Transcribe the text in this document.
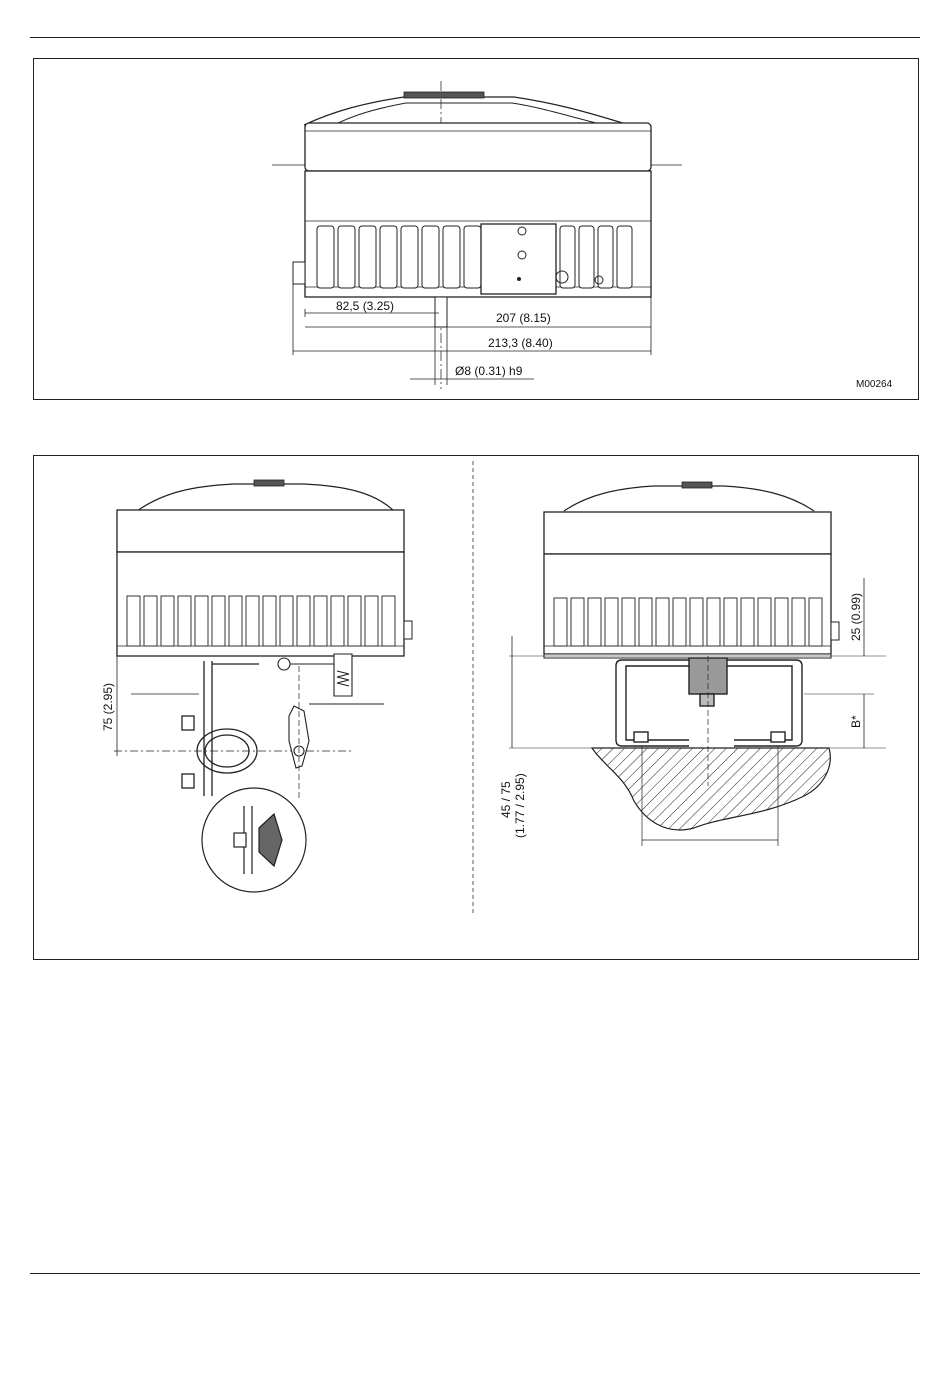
82,5 (3.25)
207 (8.15)
213,3 (8.40)
Ø8 (0.31) h9
M00264
75 (2.95)
25 (0.99)
B*
45 / 75 (1.77 / 2.95)
